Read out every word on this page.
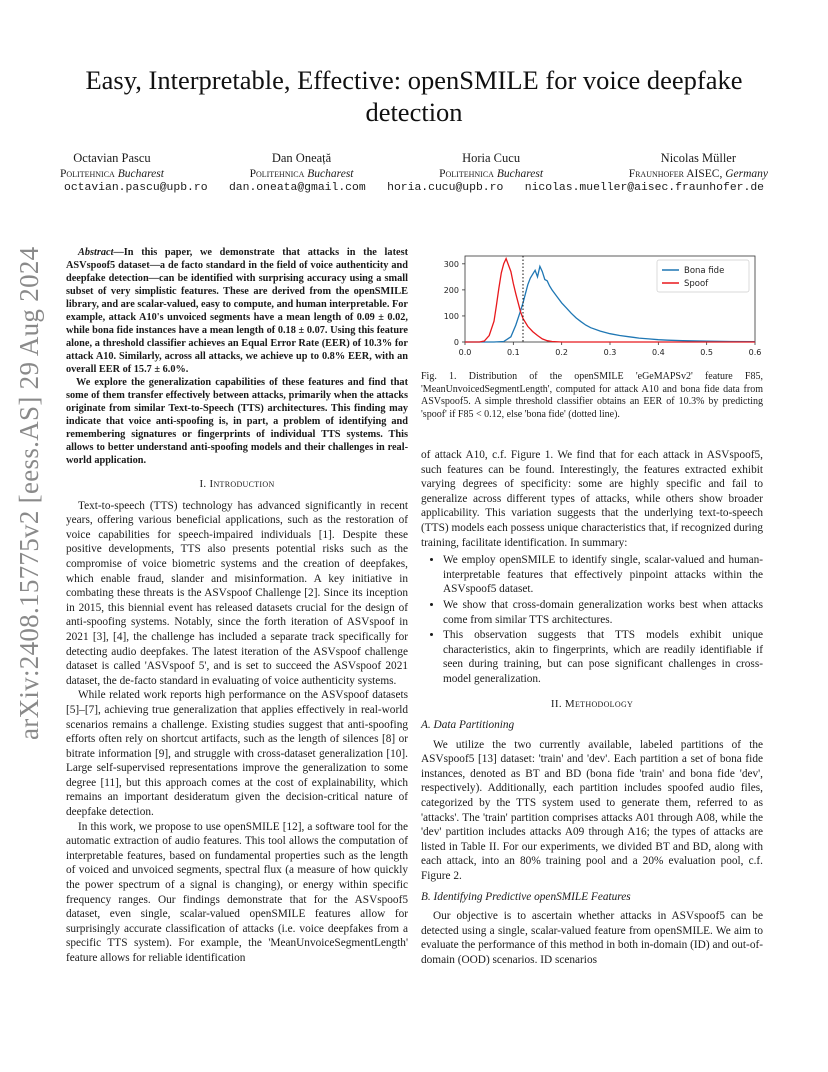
Easy, Interpretable, Effective: openSMILE for voice deepfake detection
Octavian Pascu
Politehnica Bucharest
Dan Oneață
Politehnica Bucharest
Horia Cucu
Politehnica Bucharest
Nicolas Müller
Fraunhofer AISEC, Germany
octavian.pascu@upb.ro dan.oneata@gmail.com horia.cucu@upb.ro nicolas.mueller@aisec.fraunhofer.de
arXiv:2408.15775v2 [eess.AS] 29 Aug 2024	Abstract—In this paper, we demonstrate that attacks in the latest ASVspoof5 dataset—a de facto standard in the field of voice authenticity and deepfake detection—can be identified with surprising accuracy using a small subset of very simplistic features. These are derived from the openSMILE library, and are scalar-valued, easy to compute, and human interpretable. For example, attack A10's unvoiced segments have a mean length of 0.09 ± 0.02, while bona fide instances have a mean length of 0.18 ± 0.07. Using this feature alone, a threshold classifier achieves an Equal Error Rate (EER) of 10.3% for attack A10. Similarly, across all attacks, we achieve up to 0.8% EER, with an overall EER of 15.7 ± 6.0%.

We explore the generalization capabilities of these features and find that some of them transfer effectively between attacks, primarily when the attacks originate from similar Text-to-Speech (TTS) architectures. This finding may indicate that voice anti-spoofing is, in part, a problem of identifying and remembering signatures or fingerprints of individual TTS systems. This allows to better understand anti-spoofing models and their challenges in real-world application.

I. Introduction

Text-to-speech (TTS) technology has advanced significantly in recent years, offering various beneficial applications, such as the restoration of voice capabilities for speech-impaired individuals [1]. Despite these positive developments, TTS also presents potential risks such as the compromise of voice biometric systems and the creation of deepfakes, which enable fraud, slander and misinformation. A key initiative in combating these threats is the ASVspoof Challenge [2]. Since its inception in 2015, this biennial event has released datasets crucial for the design of anti-spoofing systems. Notably, since the forth iteration of ASVspoof in 2021 [3], [4], the challenge has included a separate track specifically for detecting audio deepfakes. The latest iteration of the ASVspoof challenge dataset is called 'ASVspoof 5', and is set to succeed the ASVspoof 2021 dataset, the de-facto standard in evaluating of voice authenticity systems.

While related work reports high performance on the ASVspoof datasets [5]–[7], achieving true generalization that applies effectively in real-world scenarios remains a challenge. Existing studies suggest that anti-spoofing efforts often rely on shortcut artifacts, such as the length of silences [8] or bitrate information [9], and struggle with cross-dataset generalization [10]. Large self-supervised representations improve the generalization to some degree [11], but this approach comes at the cost of explainability, which remains an important desideratum given the decision-critical nature of deepfake detection.

In this work, we propose to use openSMILE [12], a software tool for the automatic extraction of audio features. This tool allows the computation of interpretable features, based on fundamental properties such as the length of voiced and unvoiced segments, spectral flux (a measure of how quickly the power spectrum of a signal is changing), or energy within specific frequency ranges. Our findings demonstrate that for the ASVspoof5 dataset, even single, scalar-valued openSMILE features allow for surprisingly accurate classification of attacks (i.e. voice deepfakes from a specific TTS system). For example, the 'MeanUnvoiceSegmentLength' feature allows for reliable identification

0.0	0.1	0.2	0.3	0.4	0.5	0.6
0
100
200
300
Bona fide
Spoof
Fig. 1. Distribution of the openSMILE 'eGeMAPSv2' feature F85, 'MeanUnvoicedSegmentLength', computed for attack A10 and bona fide data from ASVspoof5. A simple threshold classifier obtains an EER of 10.3% by predicting 'spoof' if F85 < 0.12, else 'bona fide' (dotted line).

of attack A10, c.f. Figure 1. We find that for each attack in ASVspoof5, such features can be found. Interestingly, the features extracted exhibit varying degrees of specificity: some are highly specific and fail to generalize across different types of attacks, while others show broader applicability. This variation suggests that the underlying text-to-speech (TTS) models each possess unique characteristics that, if recognized during training, facilitate identification. In summary:

• We employ openSMILE to identify single, scalar-valued and human-interpretable features that effectively pinpoint attacks within the ASVspoof5 dataset.
• We show that cross-domain generalization works best when attacks come from similar TTS architectures.
• This observation suggests that TTS models exhibit unique characteristics, akin to fingerprints, which are readily identifiable if seen during training, but can pose significant challenges in cross-model generalization.
II. Methodology
A. Data Partitioning

We utilize the two currently available, labeled partitions of the ASVspoof5 [13] dataset: 'train' and 'dev'. Each partition a set of bona fide instances, denoted as BT and BD (bona fide 'train' and bona fide 'dev', respectively). Additionally, each partition includes spoofed audio files, categorized by the TTS system used to generate them, referred to as 'attacks'. The 'train' partition comprises attacks A01 through A08, while the 'dev' partition includes attacks A09 through A16; the types of attacks are listed in Table II. For our experiments, we divided BT and BD, along with each attack, into an 80% training pool and a 20% evaluation pool, c.f. Figure 2.

B. Identifying Predictive openSMILE Features

Our objective is to ascertain whether attacks in ASVspoof5 can be detected using a single, scalar-valued feature from openSMILE. We aim to evaluate the performance of this method in both in-domain (ID) and out-of-domain (OOD) scenarios. ID scenarios
